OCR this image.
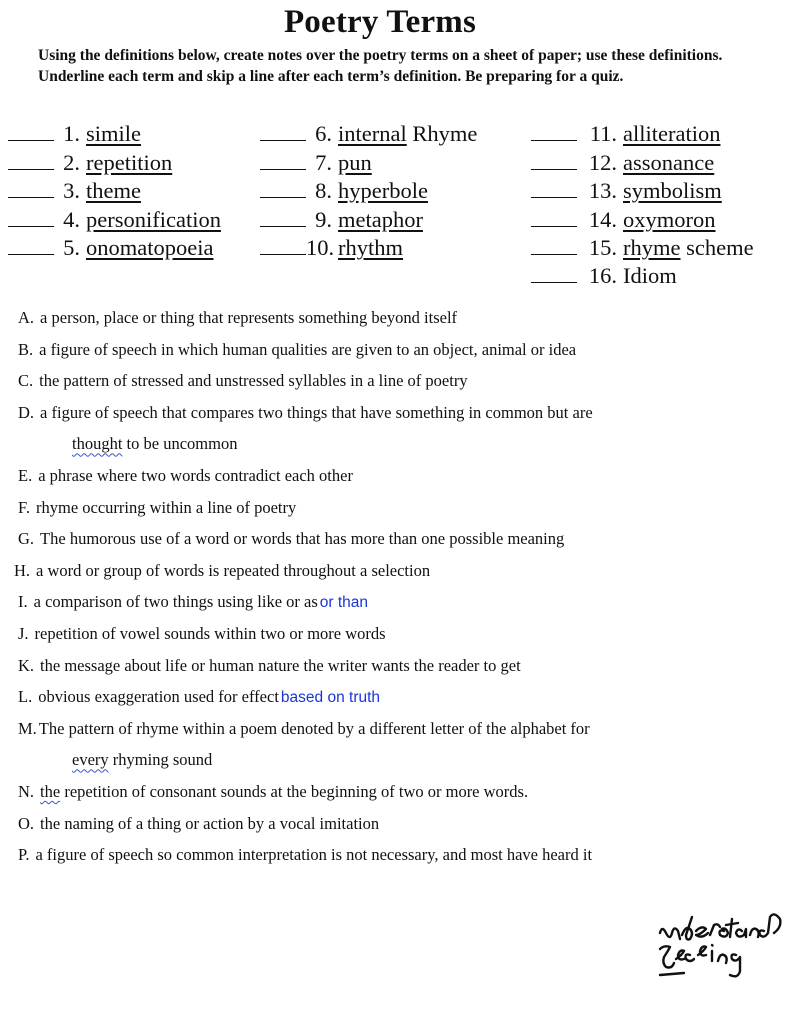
Poetry Terms
Using the definitions below, create notes over the poetry terms on a sheet of paper; use these definitions. Underline each term and skip a line after each term’s definition. Be preparing for a quiz.
1. simile
2. repetition
3. theme
4. personification
5. onomatopoeia
6. internal Rhyme
7. pun
8. hyperbole
9. metaphor
10. rhythm
11. alliteration
12. assonance
13. symbolism
14. oxymoron
15. rhyme scheme
16. Idiom
A. a person, place or thing that represents something beyond itself
B. a figure of speech in which human qualities are given to an object, animal or idea
C. the pattern of stressed and unstressed syllables in a line of poetry
D. a figure of speech that compares two things that have something in common but are
thought to be uncommon
E. a phrase where two words contradict each other
F. rhyme occurring within a line of poetry
G. The humorous use of a word or words that has more than one possible meaning
H. a word or group of words is repeated throughout a selection
I. a comparison of two things using like or as or than
J. repetition of vowel sounds within two or more words
K. the message about life or human nature the writer wants the reader to get
L. obvious exaggeration used for effect based on truth
M. The pattern of rhyme within a poem denoted by a different letter of the alphabet for
every rhyming sound
N. the repetition of consonant sounds at the beginning of two or more words.
O. the naming of a thing or action by a vocal imitation
P. a figure of speech so common interpretation is not necessary, and most have heard it
